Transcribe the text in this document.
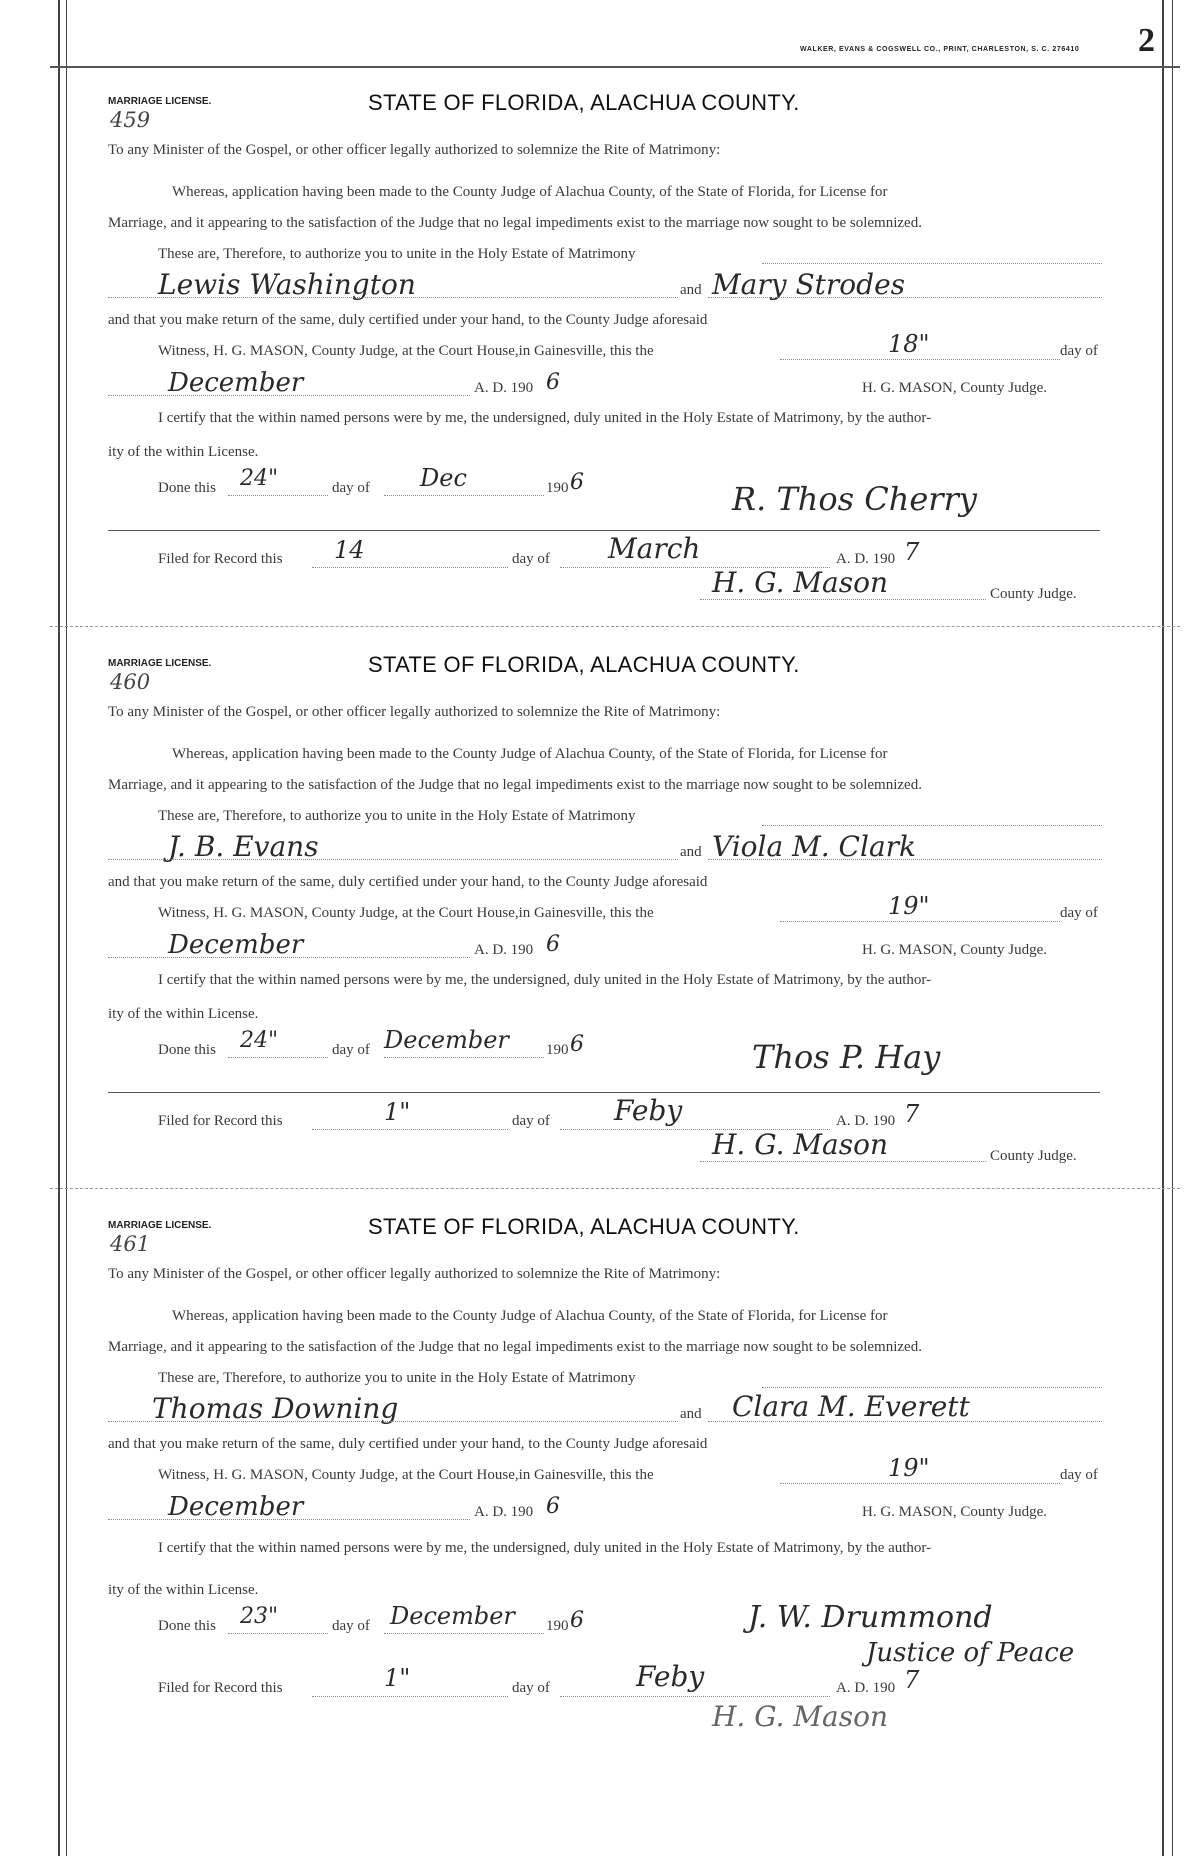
WALKER, EVANS & COGSWELL CO., PRINT, CHARLESTON, S. C. 276410 2
MARRIAGE LICENSE.
459
STATE OF FLORIDA, ALACHUA COUNTY.
To any Minister of the Gospel, or other officer legally authorized to solemnize the Rite of Matrimony:
Whereas, application having been made to the County Judge of Alachua County, of the State of Florida, for License for
Marriage, and it appearing to the satisfaction of the Judge that no legal impediments exist to the marriage now sought to be solemnized.
These are, Therefore, to authorize you to unite in the Holy Estate of Matrimony
Lewis Washington	and Mary Strodes
and that you make return of the same, duly certified under your hand, to the County Judge aforesaid
Witness, H. G. MASON, County Judge, at the Court House,in Gainesville, this the	18"	day of
December	A. D. 190 6	H. G. MASON, County Judge.
I certify that the within named persons were by me, the undersigned, duly united in the Holy Estate of Matrimony, by the author-
ity of the within License.
Done this 24"	day of Dec	190 6	R. Thos Cherry
Filed for Record this 14	day of March	A. D. 190 7
H. G. Mason	County Judge.
MARRIAGE LICENSE.
460
STATE OF FLORIDA, ALACHUA COUNTY.
To any Minister of the Gospel, or other officer legally authorized to solemnize the Rite of Matrimony:
Whereas, application having been made to the County Judge of Alachua County, of the State of Florida, for License for
Marriage, and it appearing to the satisfaction of the Judge that no legal impediments exist to the marriage now sought to be solemnized.
These are, Therefore, to authorize you to unite in the Holy Estate of Matrimony
J. B. Evans	and Viola M. Clark
and that you make return of the same, duly certified under your hand, to the County Judge aforesaid
Witness, H. G. MASON, County Judge, at the Court House,in Gainesville, this the	19"	day of
December	A. D. 190 6	H. G. MASON, County Judge.
I certify that the within named persons were by me, the undersigned, duly united in the Holy Estate of Matrimony, by the author-
ity of the within License.
Done this 24"	day of December 190 6	Thos P. Hay
Filed for Record this	1"	day of Feby	A. D. 190 7
H. G. Mason	County Judge.
MARRIAGE LICENSE.
461
STATE OF FLORIDA, ALACHUA COUNTY.
To any Minister of the Gospel, or other officer legally authorized to solemnize the Rite of Matrimony:
Whereas, application having been made to the County Judge of Alachua County, of the State of Florida, for License for
Marriage, and it appearing to the satisfaction of the Judge that no legal impediments exist to the marriage now sought to be solemnized.
These are, Therefore, to authorize you to unite in the Holy Estate of Matrimony
Thomas Downing	and Clara M. Everett
and that you make return of the same, duly certified under your hand, to the County Judge aforesaid
Witness, H. G. MASON, County Judge, at the Court House,in Gainesville, this the	19"	day of
December	A. D. 190 6	H. G. MASON, County Judge.
I certify that the within named persons were by me, the undersigned, duly united in the Holy Estate of Matrimony, by the author-
ity of the within License.
Done this 23"	day of December 190 6	J. W. Drummond
Justice of Peace
Filed for Record this	1"	day of	Feby	A. D. 190 7
H. G. Mason
